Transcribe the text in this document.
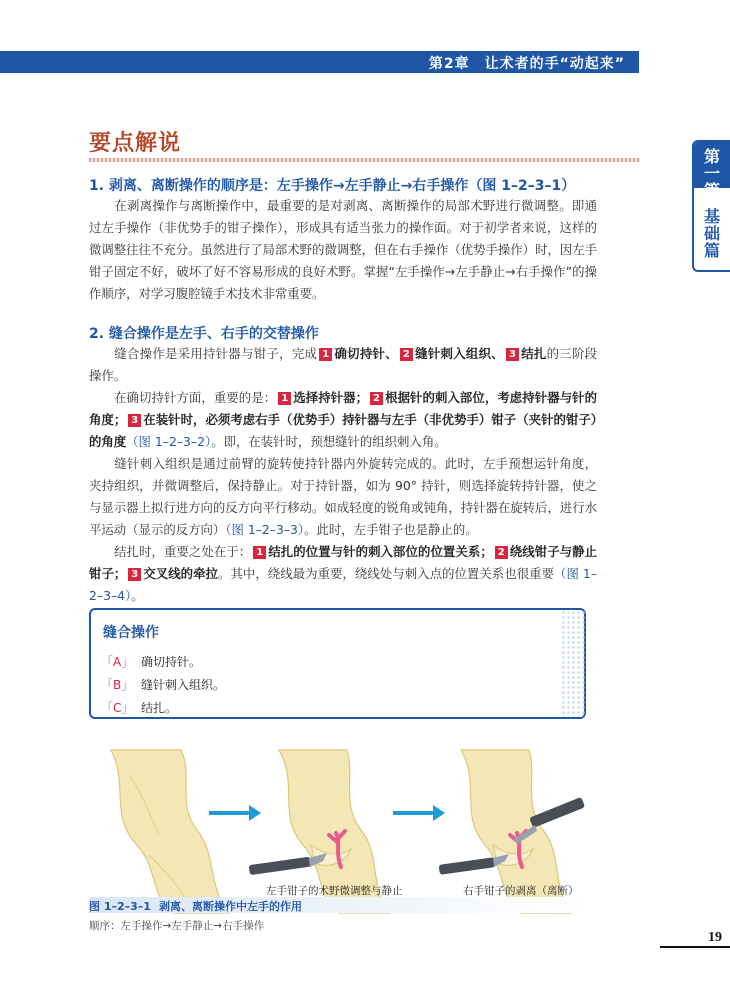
第2章　让术者的手“动起来”
第一篇
基础篇
要点解说
1. 剥离、离断操作的顺序是：左手操作→左手静止→右手操作（图 1–2–3–1）
在剥离操作与离断操作中，最重要的是对剥离、离断操作的局部术野进行微调整。即通过左手操作（非优势手的钳子操作），形成具有适当张力的操作面。对于初学者来说，这样的微调整往往不充分。虽然进行了局部术野的微调整，但在右手操作（优势手操作）时，因左手钳子固定不好，破坏了好不容易形成的良好术野。掌握“左手操作→左手静止→右手操作”的操作顺序，对学习腹腔镜手术技术非常重要。
2. 缝合操作是左手、右手的交替操作
缝合操作是采用持针器与钳子，完成 1 确切持针、 2 缝针刺入组织、 3 结扎的三阶段操作。
在确切持针方面，重要的是： 1 选择持针器； 2 根据针的刺入部位，考虑持针器与针的角度； 3 在装针时，必须考虑右手（优势手）持针器与左手（非优势手）钳子（夹针的钳子）的角度（图 1–2–3–2）。即，在装针时，预想缝针的组织刺入角。
缝针刺入组织是通过前臂的旋转使持针器内外旋转完成的。此时，左手预想运针角度，夹持组织，并微调整后，保持静止。对于持针器，如为 90° 持针，则选择旋转持针器，使之与显示器上拟行进方向的反方向平行移动。如成轻度的锐角或钝角，持针器在旋转后，进行水平运动（显示的反方向）（图 1–2–3–3）。此时，左手钳子也是静止的。
结扎时，重要之处在于： 1 结扎的位置与针的刺入部位的位置关系； 2 绕线钳子与静止钳子； 3 交叉线的牵拉。其中，绕线最为重要，绕线处与刺入点的位置关系也很重要（图 1–2–3–4）。
缝合操作
「A」 确切持针。
「B」 缝针刺入组织。
「C」 结扎。
左手钳子的术野微调整与静止	右手钳子的剥离（离断）
图 1–2–3–1 剥离、离断操作中左手的作用
顺序：左手操作→左手静止→右手操作
19
